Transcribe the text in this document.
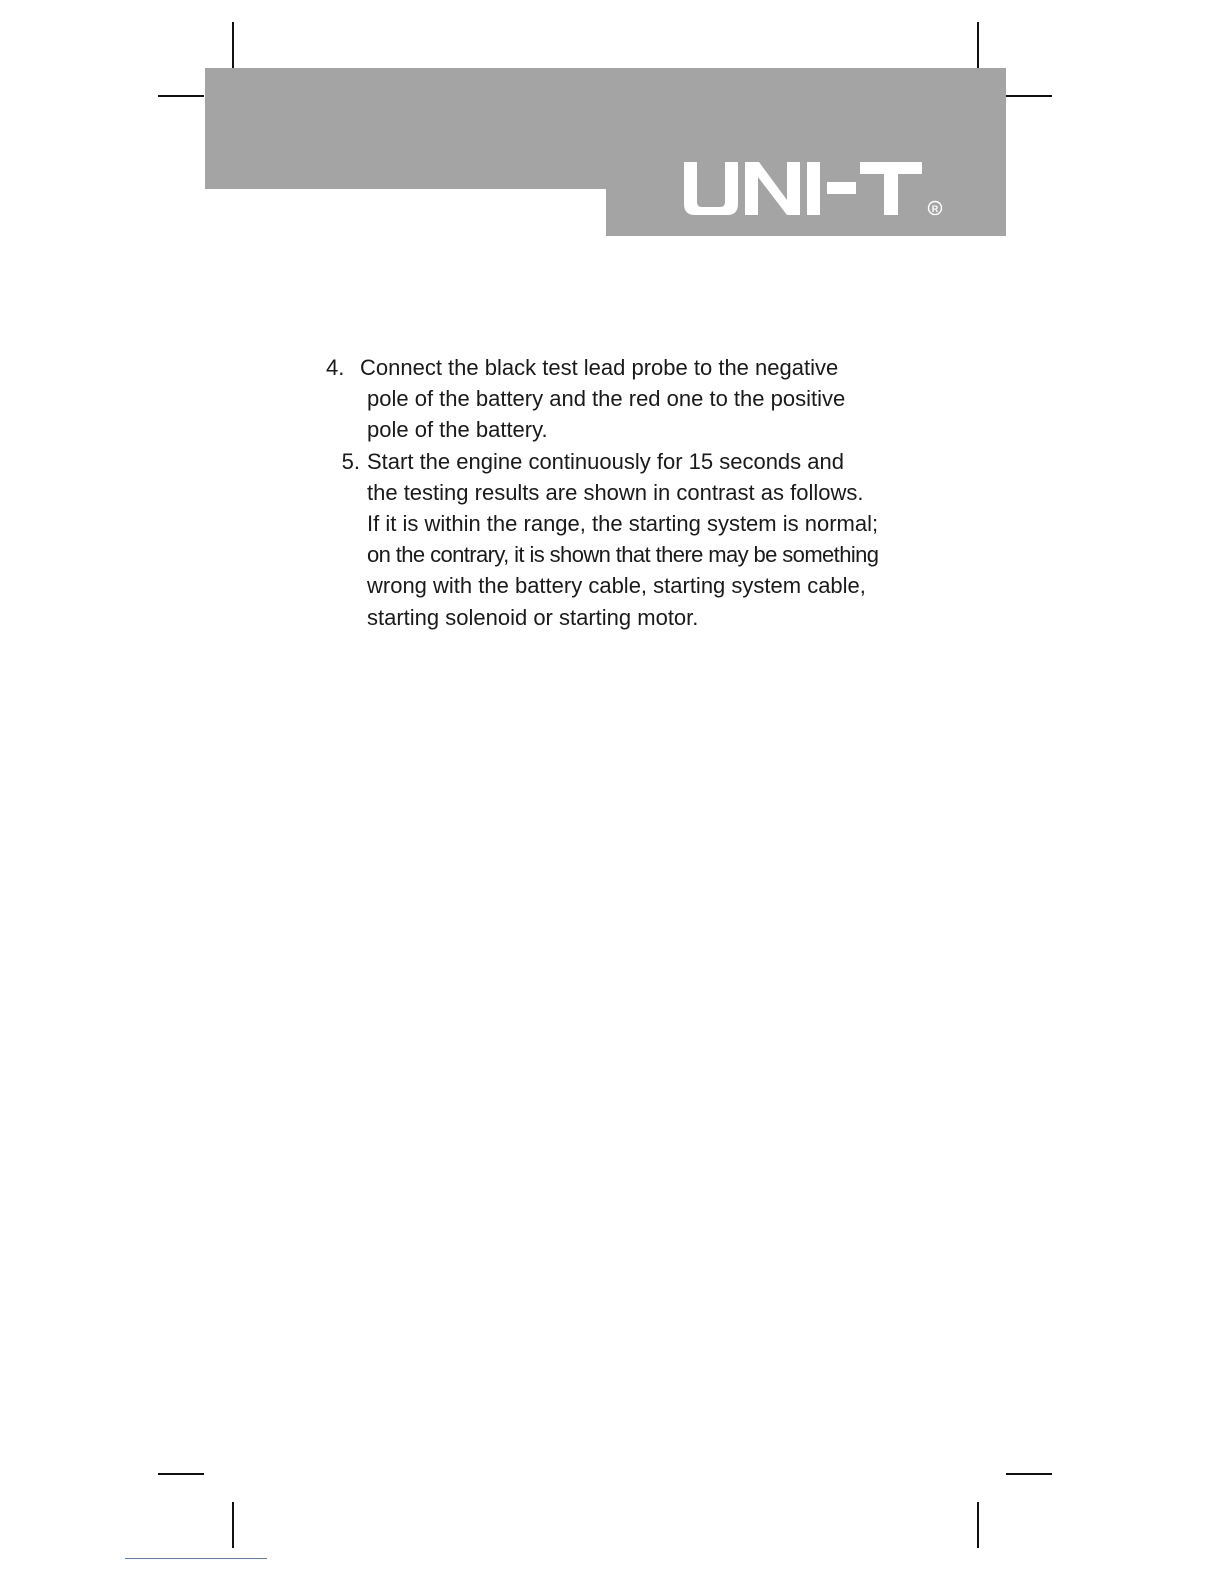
R
4. Connect the black test lead probe to the negative
pole of the battery and the red one to the positive
pole of the battery.
5. Start the engine continuously for 15 seconds and
the testing results are shown in contrast as follows.
If it is within the range, the starting system is normal;
on the contrary, it is shown that there may be something
wrong with the battery cable, starting system cable,
starting solenoid or starting motor.
